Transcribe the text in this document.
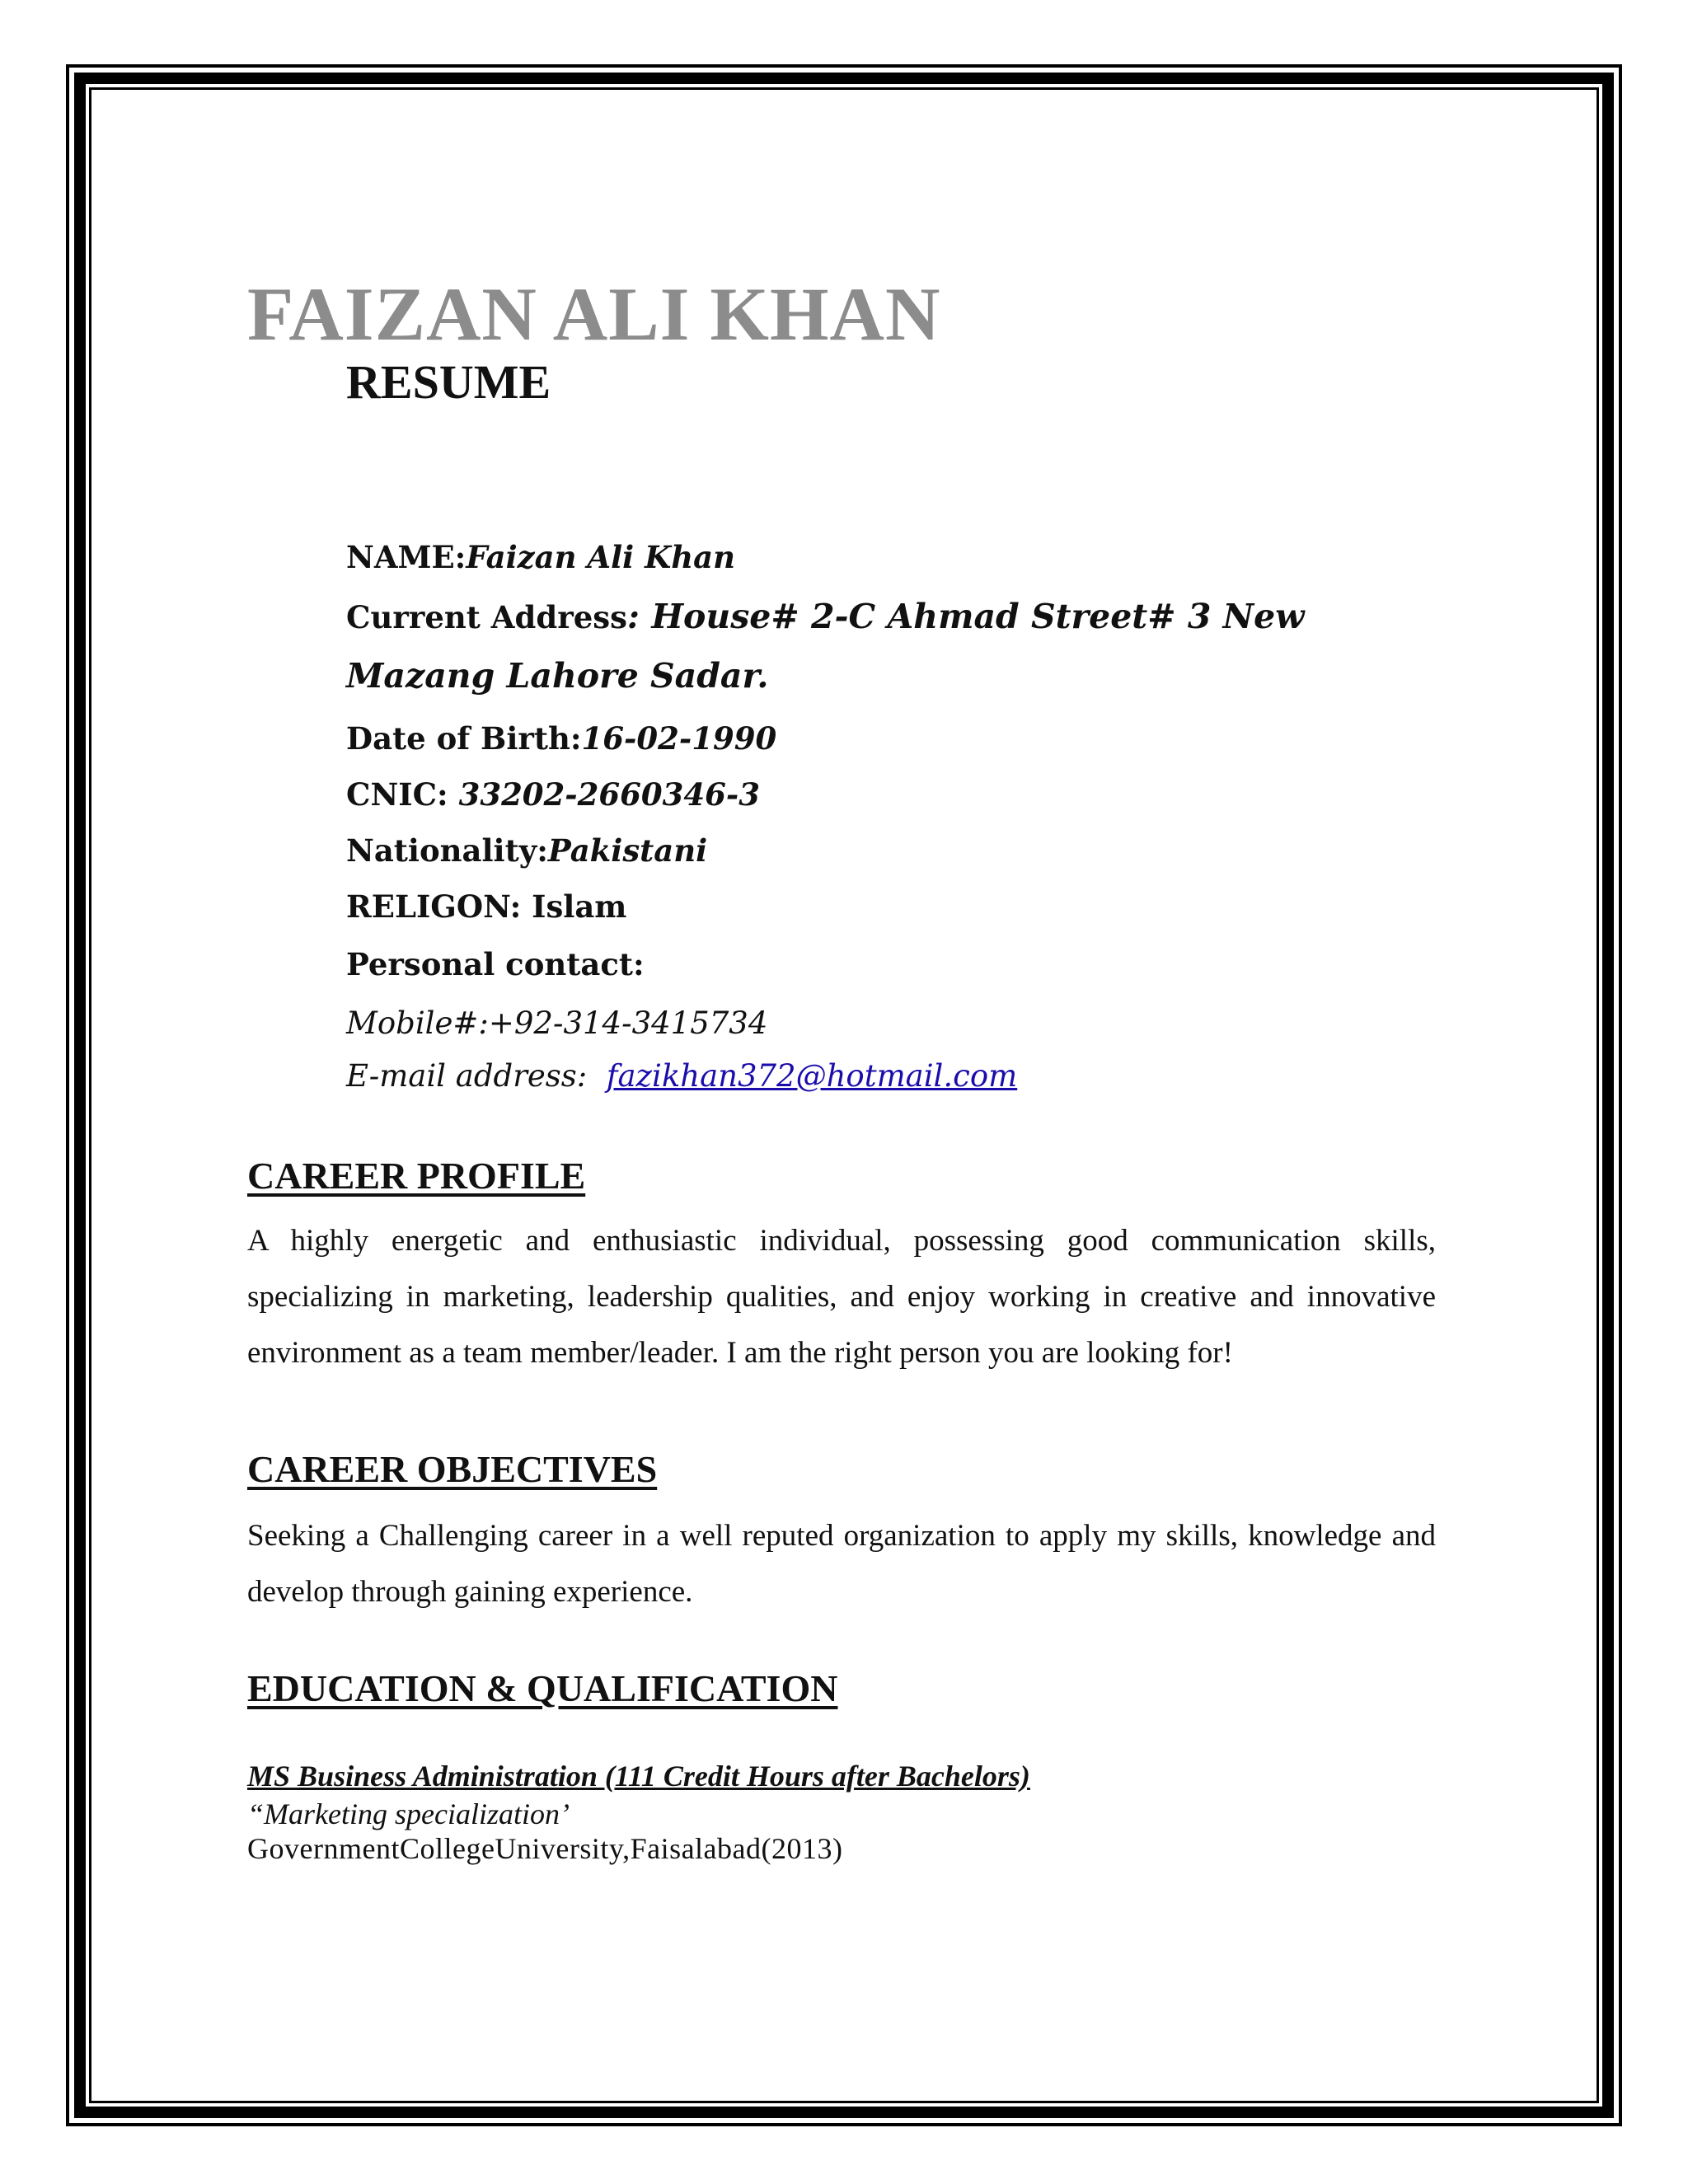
FAIZAN ALI KHAN
RESUME
NAME:Faizan Ali Khan
Current Address: House# 2-C Ahmad Street# 3 New
Mazang Lahore Sadar.
Date of Birth:16-02-1990
CNIC: 33202-2660346-3
Nationality:Pakistani
RELIGON: Islam
Personal contact:
Mobile#:+92-314-3415734
E-mail address:  fazikhan372@hotmail.com
CAREER PROFILE
A highly energetic and enthusiastic individual, possessing good communication skills, specializing in marketing, leadership qualities, and enjoy working in creative and innovative environment as a team member/leader. I am the right person you are looking for!
CAREER OBJECTIVES
Seeking a Challenging career in a well reputed organization to apply my skills, knowledge and develop through gaining experience.
EDUCATION & QUALIFICATION
MS Business Administration (111 Credit Hours after Bachelors)
“Marketing specialization’
GovernmentCollegeUniversity,Faisalabad(2013)
